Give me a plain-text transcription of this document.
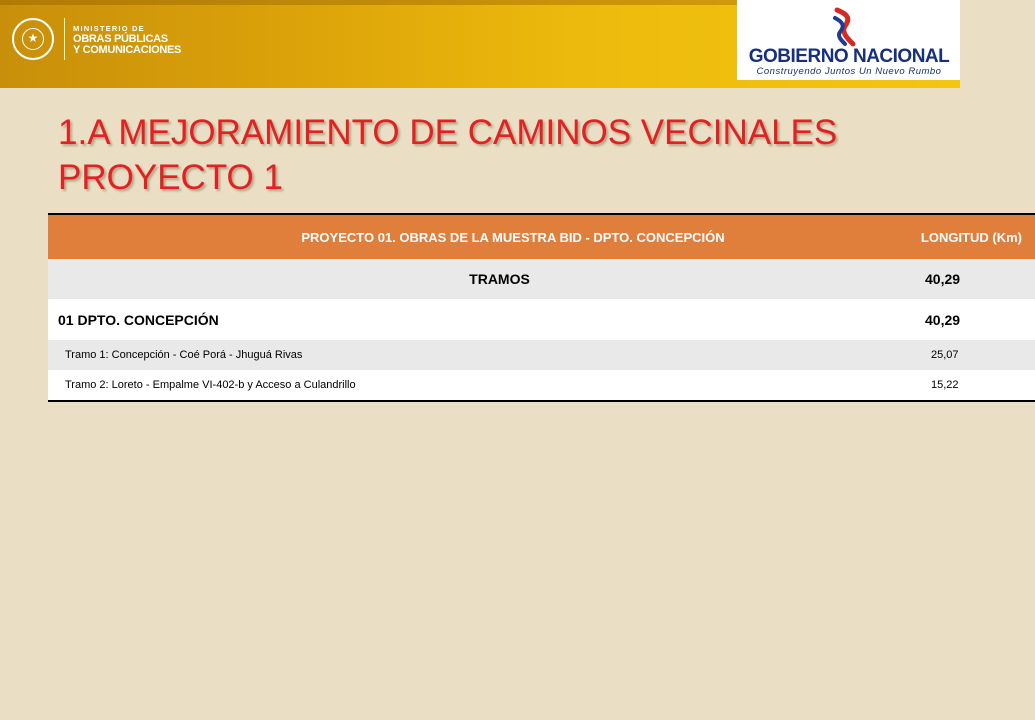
★
MINISTERIO DE
OBRAS PÚBLICAS
Y COMUNICACIONES	GOBIERNO NACIONAL
Construyendo Juntos Un Nuevo Rumbo
1.A MEJORAMIENTO DE CAMINOS VECINALES
PROYECTO 1
PROYECTO 01. OBRAS DE LA MUESTRA BID - DPTO. CONCEPCIÓN	LONGITUD (Km)
TRAMOS	40,29
01 DPTO. CONCEPCIÓN	40,29
Tramo 1: Concepción - Coé Porá - Jhuguá Rivas	25,07
Tramo 2: Loreto - Empalme VI-402-b y Acceso a Culandrillo	15,22
